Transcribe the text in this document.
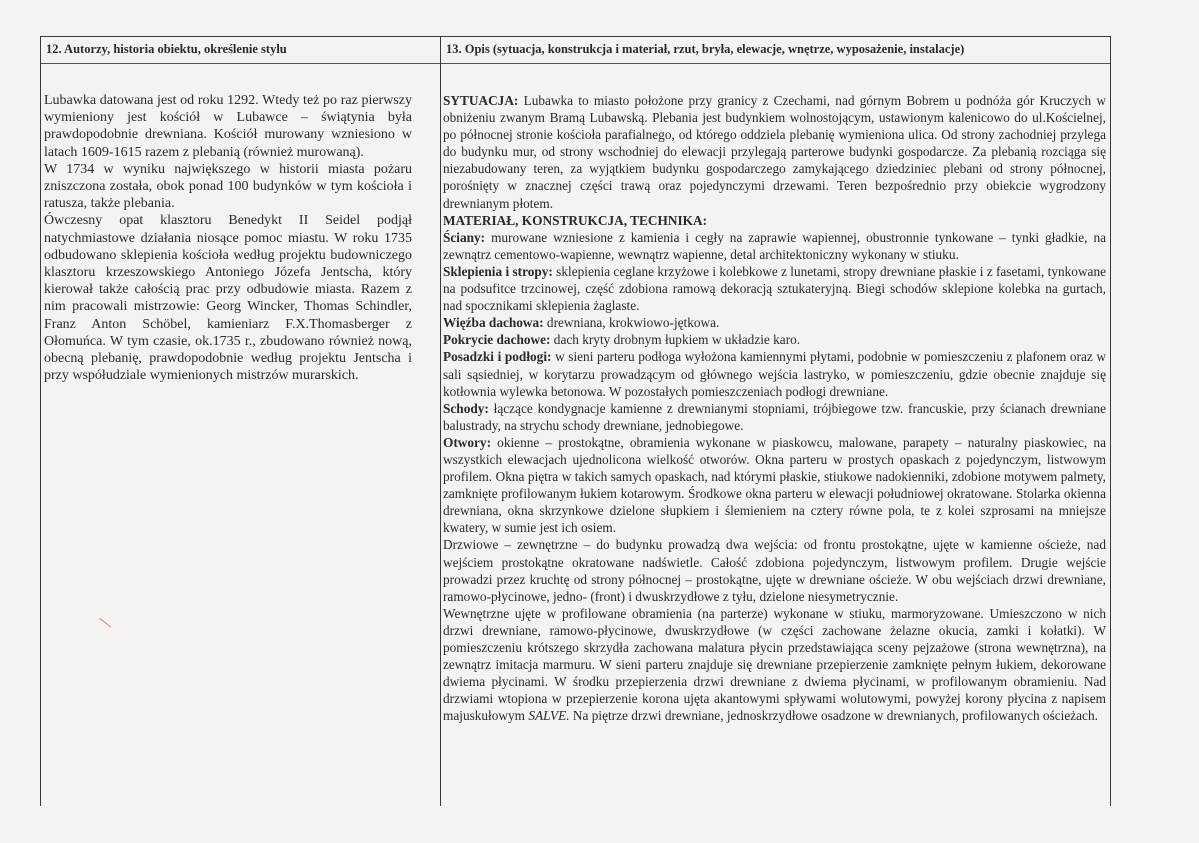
12. Autorzy, historia obiektu, określenie stylu	13. Opis (sytuacja, konstrukcja i materiał, rzut, bryła, elewacje, wnętrze, wyposażenie, instalacje)

Lubawka datowana jest od roku 1292. Wtedy też po raz pierwszy wymieniony jest kościół w Lubawce – świątynia była prawdopodobnie drewniana. Kościół murowany wzniesiono w latach 1609-1615 razem z plebanią (również murowaną).

W 1734 w wyniku największego w historii miasta pożaru zniszczona została, obok ponad 100 budynków w tym kościoła i ratusza, także plebania.

Ówczesny opat klasztoru Benedykt II Seidel podjął natychmiastowe działania niosące pomoc miastu. W roku 1735 odbudowano sklepienia kościoła według projektu budowniczego klasztoru krzeszowskiego Antoniego Józefa Jentscha, który kierował także całością prac przy odbudowie miasta. Razem z nim pracowali mistrzowie: Georg Wincker, Thomas Schindler, Franz Anton Schöbel, kamieniarz F.X.Thomasberger z Ołomuńca. W tym czasie, ok.1735 r., zbudowano również nową, obecną plebanię, prawdopodobnie według projektu Jentscha i przy współudziale wymienionych mistrzów murarskich.

SYTUACJA: Lubawka to miasto położone przy granicy z Czechami, nad górnym Bobrem u podnóża gór Kruczych w obniżeniu zwanym Bramą Lubawską. Plebania jest budynkiem wolnostojącym, ustawionym kalenicowo do ul.Kościelnej, po północnej stronie kościoła parafialnego, od którego oddziela plebanię wymieniona ulica. Od strony zachodniej przylega do budynku mur, od strony wschodniej do elewacji przylegają parterowe budynki gospodarcze. Za plebanią rozciąga się niezabudowany teren, za wyjątkiem budynku gospodarczego zamykającego dziedziniec plebani od strony północnej, porośnięty w znacznej części trawą oraz pojedynczymi drzewami. Teren bezpośrednio przy obiekcie wygrodzony drewnianym płotem.

MATERIAŁ, KONSTRUKCJA, TECHNIKA:

Ściany: murowane wzniesione z kamienia i cegły na zaprawie wapiennej, obustronnie tynkowane – tynki gładkie, na zewnątrz cementowo-wapienne, wewnątrz wapienne, detal architektoniczny wykonany w stiuku.

Sklepienia i stropy: sklepienia ceglane krzyżowe i kolebkowe z lunetami, stropy drewniane płaskie i z fasetami, tynkowane na podsufitce trzcinowej, część zdobiona ramową dekoracją sztukateryjną. Biegi schodów sklepione kolebka na gurtach, nad spocznikami sklepienia żaglaste.

Więźba dachowa: drewniana, krokwiowo-jętkowa.

Pokrycie dachowe: dach kryty drobnym łupkiem w układzie karo.

Posadzki i podłogi: w sieni parteru podłoga wyłożona kamiennymi płytami, podobnie w pomieszczeniu z plafonem oraz w sali sąsiedniej, w korytarzu prowadzącym od głównego wejścia lastryko, w pomieszczeniu, gdzie obecnie znajduje się kotłownia wylewka betonowa. W pozostałych pomieszczeniach podłogi drewniane.

Schody: łączące kondygnacje kamienne z drewnianymi stopniami, trójbiegowe tzw. francuskie, przy ścianach drewniane balustrady, na strychu schody drewniane, jednobiegowe.

Otwory: okienne – prostokątne, obramienia wykonane w piaskowcu, malowane, parapety – naturalny piaskowiec, na wszystkich elewacjach ujednolicona wielkość otworów. Okna parteru w prostych opaskach z pojedynczym, listwowym profilem. Okna piętra w takich samych opaskach, nad którymi płaskie, stiukowe nadokienniki, zdobione motywem palmety, zamknięte profilowanym łukiem kotarowym. Środkowe okna parteru w elewacji południowej okratowane. Stolarka okienna drewniana, okna skrzynkowe dzielone słupkiem i ślemieniem na cztery równe pola, te z kolei szprosami na mniejsze kwatery, w sumie jest ich osiem.

Drzwiowe – zewnętrzne – do budynku prowadzą dwa wejścia: od frontu prostokątne, ujęte w kamienne ościeże, nad wejściem prostokątne okratowane nadświetle. Całość zdobiona pojedynczym, listwowym profilem. Drugie wejście prowadzi przez kruchtę od strony północnej – prostokątne, ujęte w drewniane ościeże. W obu wejściach drzwi drewniane, ramowo-płycinowe, jedno- (front) i dwuskrzydłowe z tyłu, dzielone niesymetrycznie.

Wewnętrzne ujęte w profilowane obramienia (na parterze) wykonane w stiuku, marmoryzowane. Umieszczono w nich drzwi drewniane, ramowo-płycinowe, dwuskrzydłowe (w części zachowane żelazne okucia, zamki i kołatki). W pomieszczeniu krótszego skrzydła zachowana malatura płycin przedstawiająca sceny pejzażowe (strona wewnętrzna), na zewnątrz imitacja marmuru. W sieni parteru znajduje się drewniane przepierzenie zamknięte pełnym łukiem, dekorowane dwiema płycinami. W środku przepierzenia drzwi drewniane z dwiema płycinami, w profilowanym obramieniu. Nad drzwiami wtopiona w przepierzenie korona ujęta akantowymi spływami wolutowymi, powyżej korony płycina z napisem majuskułowym SALVE. Na piętrze drzwi drewniane, jednoskrzydłowe osadzone w drewnianych, profilowanych ościeżach.
